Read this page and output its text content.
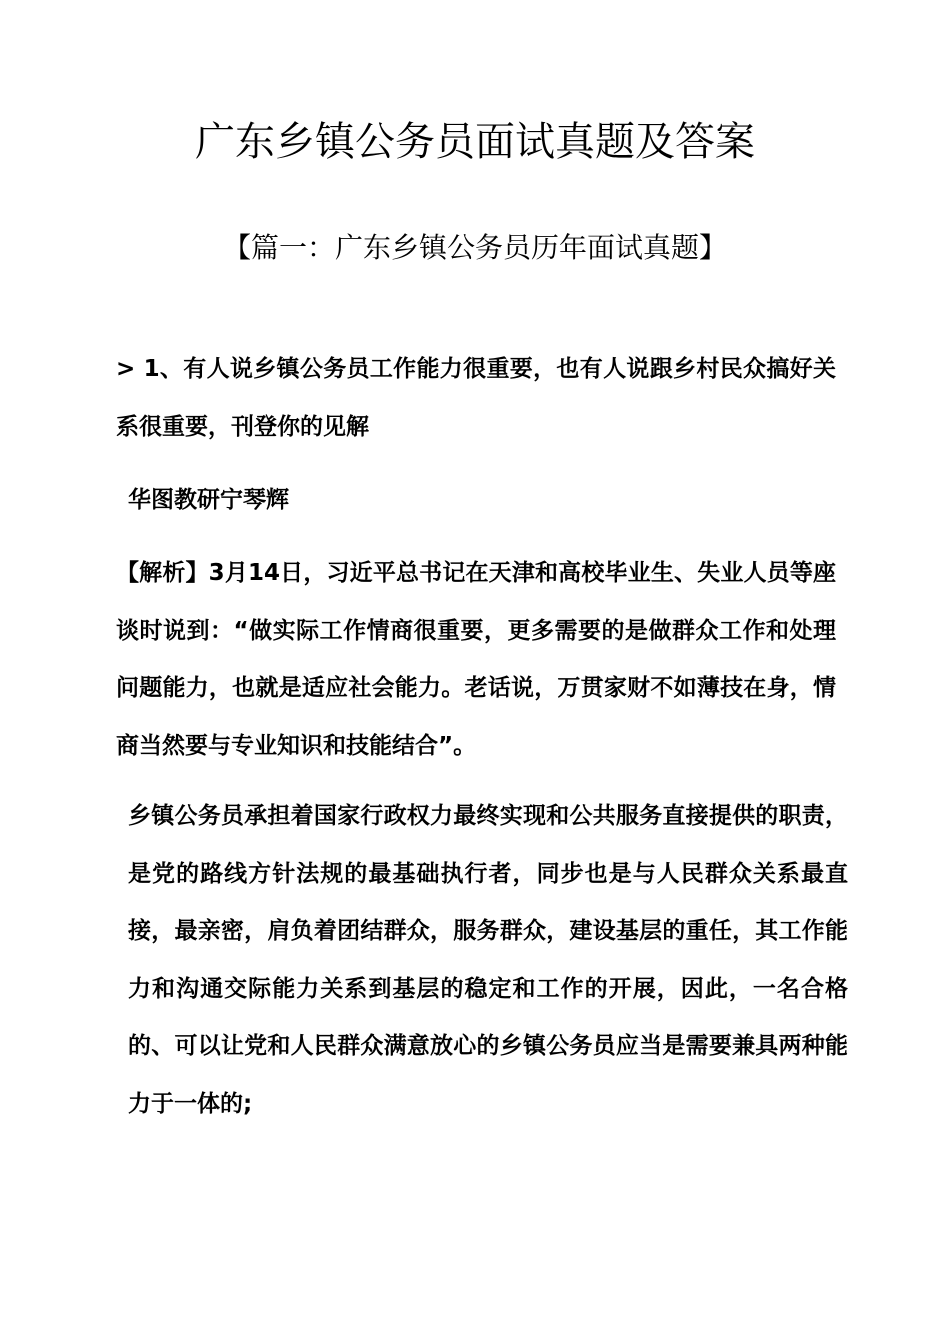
广东乡镇公务员面试真题及答案
【篇一：广东乡镇公务员历年面试真题】

> 1、有人说乡镇公务员工作能力很重要，也有人说跟乡村民众搞好关系很重要，刊登你的见解

华图教研宁琴辉

【解析】3月14日，习近平总书记在天津和高校毕业生、失业人员等座谈时说到：“做实际工作情商很重要，更多需要的是做群众工作和处理问题能力，也就是适应社会能力。老话说，万贯家财不如薄技在身，情商当然要与专业知识和技能结合”。

乡镇公务员承担着国家行政权力最终实现和公共服务直接提供的职责，是党的路线方针法规的最基础执行者，同步也是与人民群众关系最直接，最亲密，肩负着团结群众，服务群众，建设基层的重任，其工作能力和沟通交际能力关系到基层的稳定和工作的开展，因此，一名合格的、可以让党和人民群众满意放心的乡镇公务员应当是需要兼具两种能力于一体的;
